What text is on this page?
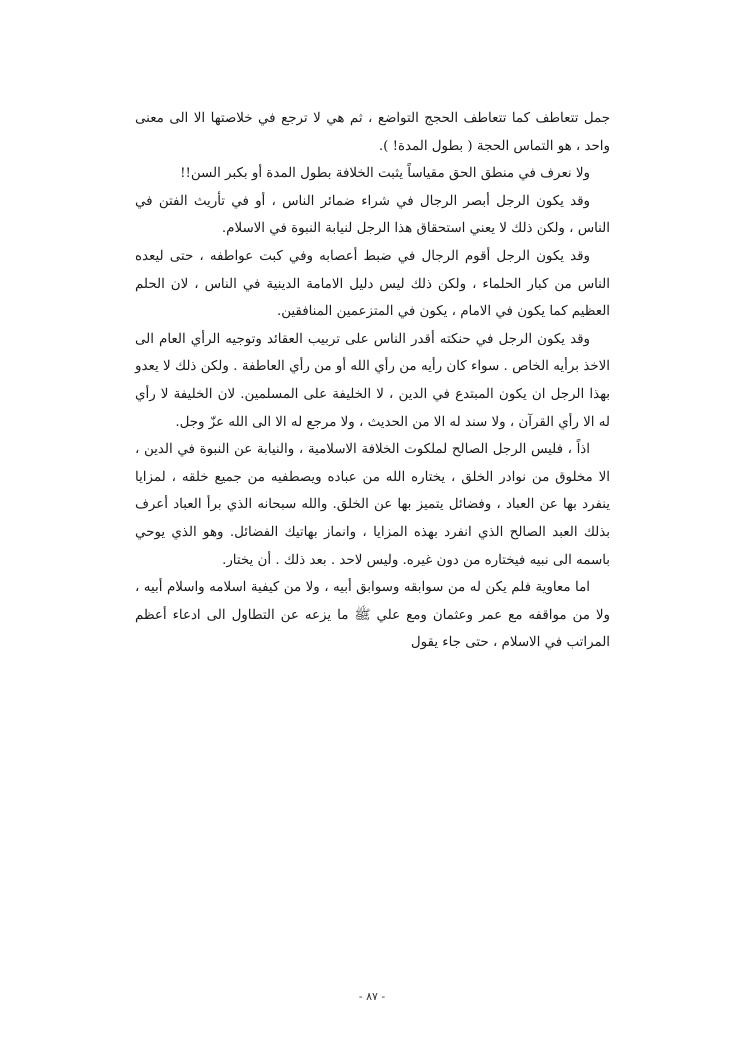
جمل تتعاطف كما تتعاطف الحجج التواضع ، ثم هي لا ترجع في خلاصتها الا الى معنى واحد ، هو التماس الحجة ( بطول المدة! ).

ولا نعرف في منطق الحق مقياساً يثبت الخلافة بطول المدة أو بكبر السن!!

وقد يكون الرجل أبصر الرجال في شراء ضمائر الناس ، أو في تأريث الفتن في الناس ، ولكن ذلك لا يعني استحقاق هذا الرجل لنيابة النبوة في الاسلام.

وقد يكون الرجل أقوم الرجال في ضبط أعصابه وفي كبت عواطفه ، حتى ليعده الناس من كبار الحلماء ، ولكن ذلك ليس دليل الامامة الدينية في الناس ، لان الحلم العظيم كما يكون في الامام ، يكون في المتزعمين المنافقين.

وقد يكون الرجل في حنكته أقدر الناس على تربيب العقائد وتوجيه الرأي العام الى الاخذ برأيه الخاص . سواء كان رأيه من رأي الله أو من رأي العاطفة . ولكن ذلك لا يعدو بهذا الرجل ان يكون المبتدع في الدين ، لا الخليفة على المسلمين. لان الخليفة لا رأي له الا رأي القرآن ، ولا سند له الا من الحديث ، ولا مرجع له الا الى الله عزّ وجل.

اذاً ، فليس الرجل الصالح لملكوت الخلافة الاسلامية ، والنيابة عن النبوة في الدين ، الا مخلوق من نوادر الخلق ، يختاره الله من عباده ويصطفيه من جميع خلقه ، لمزايا ينفرد بها عن العباد ، وفضائل يتميز بها عن الخلق. والله سبحانه الذي برأ العباد أعرف بذلك العبد الصالح الذي انفرد بهذه المزايا ، وانماز بهاتيك الفضائل. وهو الذي يوحي باسمه الى نبيه فيختاره من دون غيره. وليس لاحد . بعد ذلك . أن يختار.

اما معاوية فلم يكن له من سوابقه وسوابق أبيه ، ولا من كيفية اسلامه واسلام أبيه ، ولا من مواقفه مع عمر وعثمان ومع علي ﷺ ما يزعه عن التطاول الى ادعاء أعظم المراتب في الاسلام ، حتى جاء يقول

- ٨٧ -
